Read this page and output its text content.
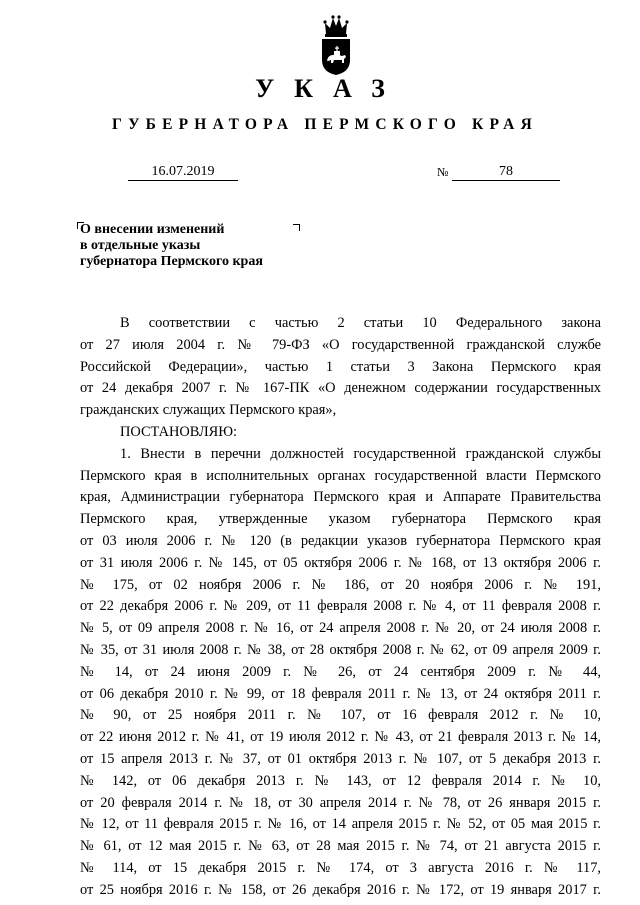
УКАЗ
ГУБЕРНАТОРА ПЕРМСКОГО КРАЯ
16.07.2019	№	78
О внесении изменений
в отдельные указы
губернатора Пермского края
В соответствии с частью 2 статьи 10 Федерального закона
от 27 июля 2004 г. № 79-ФЗ «О государственной гражданской службе
Российской Федерации», частью 1 статьи 3 Закона Пермского края
от 24 декабря 2007 г. № 167-ПК «О денежном содержании государственных
гражданских служащих Пермского края»,
ПОСТАНОВЛЯЮ:
1. Внести в перечни должностей государственной гражданской службы
Пермского края в исполнительных органах государственной власти Пермского
края, Администрации губернатора Пермского края и Аппарате Правительства
Пермского края, утвержденные указом губернатора Пермского края
от 03 июля 2006 г. № 120 (в редакции указов губернатора Пермского края
от 31 июля 2006 г. № 145, от 05 октября 2006 г. № 168, от 13 октября 2006 г.
№ 175, от 02 ноября 2006 г. № 186, от 20 ноября 2006 г. № 191,
от 22 декабря 2006 г. № 209, от 11 февраля 2008 г. № 4, от 11 февраля 2008 г.
№ 5, от 09 апреля 2008 г. № 16, от 24 апреля 2008 г. № 20, от 24 июля 2008 г.
№ 35, от 31 июля 2008 г. № 38, от 28 октября 2008 г. № 62, от 09 апреля 2009 г.
№ 14, от 24 июня 2009 г. № 26, от 24 сентября 2009 г. № 44,
от 06 декабря 2010 г. № 99, от 18 февраля 2011 г. № 13, от 24 октября 2011 г.
№ 90, от 25 ноября 2011 г. № 107, от 16 февраля 2012 г. № 10,
от 22 июня 2012 г. № 41, от 19 июля 2012 г. № 43, от 21 февраля 2013 г. № 14,
от 15 апреля 2013 г. № 37, от 01 октября 2013 г. № 107, от 5 декабря 2013 г.
№ 142, от 06 декабря 2013 г. № 143, от 12 февраля 2014 г. № 10,
от 20 февраля 2014 г. № 18, от 30 апреля 2014 г. № 78, от 26 января 2015 г.
№ 12, от 11 февраля 2015 г. № 16, от 14 апреля 2015 г. № 52, от 05 мая 2015 г.
№ 61, от 12 мая 2015 г. № 63, от 28 мая 2015 г. № 74, от 21 августа 2015 г.
№ 114, от 15 декабря 2015 г. № 174, от 3 августа 2016 г. № 117,
от 25 ноября 2016 г. № 158, от 26 декабря 2016 г. № 172, от 19 января 2017 г.
